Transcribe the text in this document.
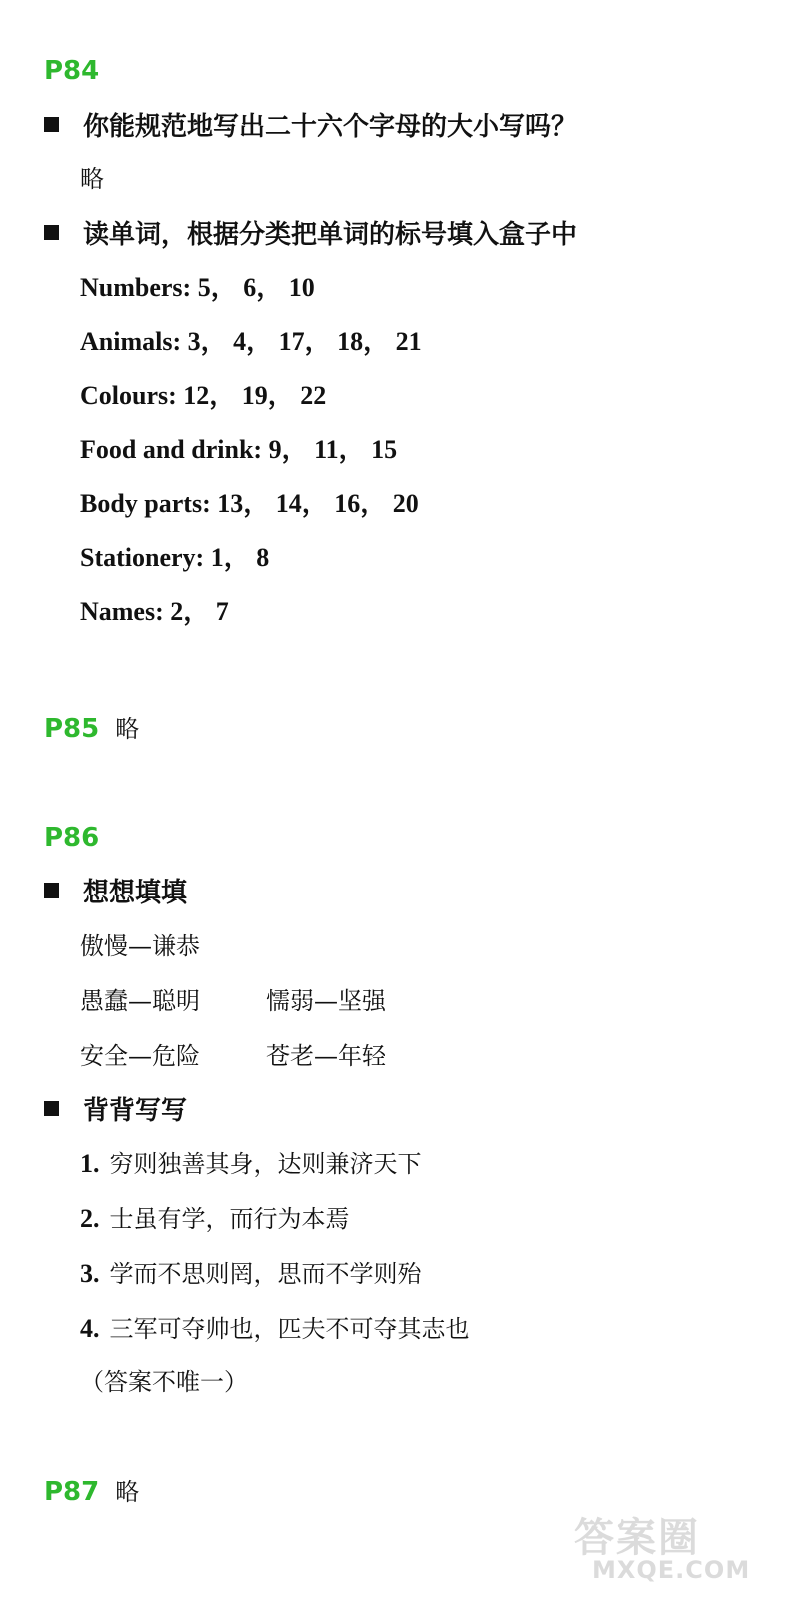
P84
你能规范地写出二十六个字母的大小写吗？
略
读单词，根据分类把单词的标号填入盒子中
Numbers: 5， 6， 10
Animals: 3， 4， 17， 18， 21
Colours: 12， 19， 22
Food and drink: 9， 11， 15
Body parts: 13， 14， 16， 20
Stationery: 1， 8
Names: 2， 7
P85 略
P86
想想填填
傲慢—谦恭
愚蠢—聪明	懦弱—坚强
安全—危险	苍老—年轻
背背写写
1. 穷则独善其身，达则兼济天下
2. 士虽有学，而行为本焉
3. 学而不思则罔，思而不学则殆
4. 三军可夺帅也，匹夫不可夺其志也
（答案不唯一）
P87 略
答案圈
MXQE.COM
